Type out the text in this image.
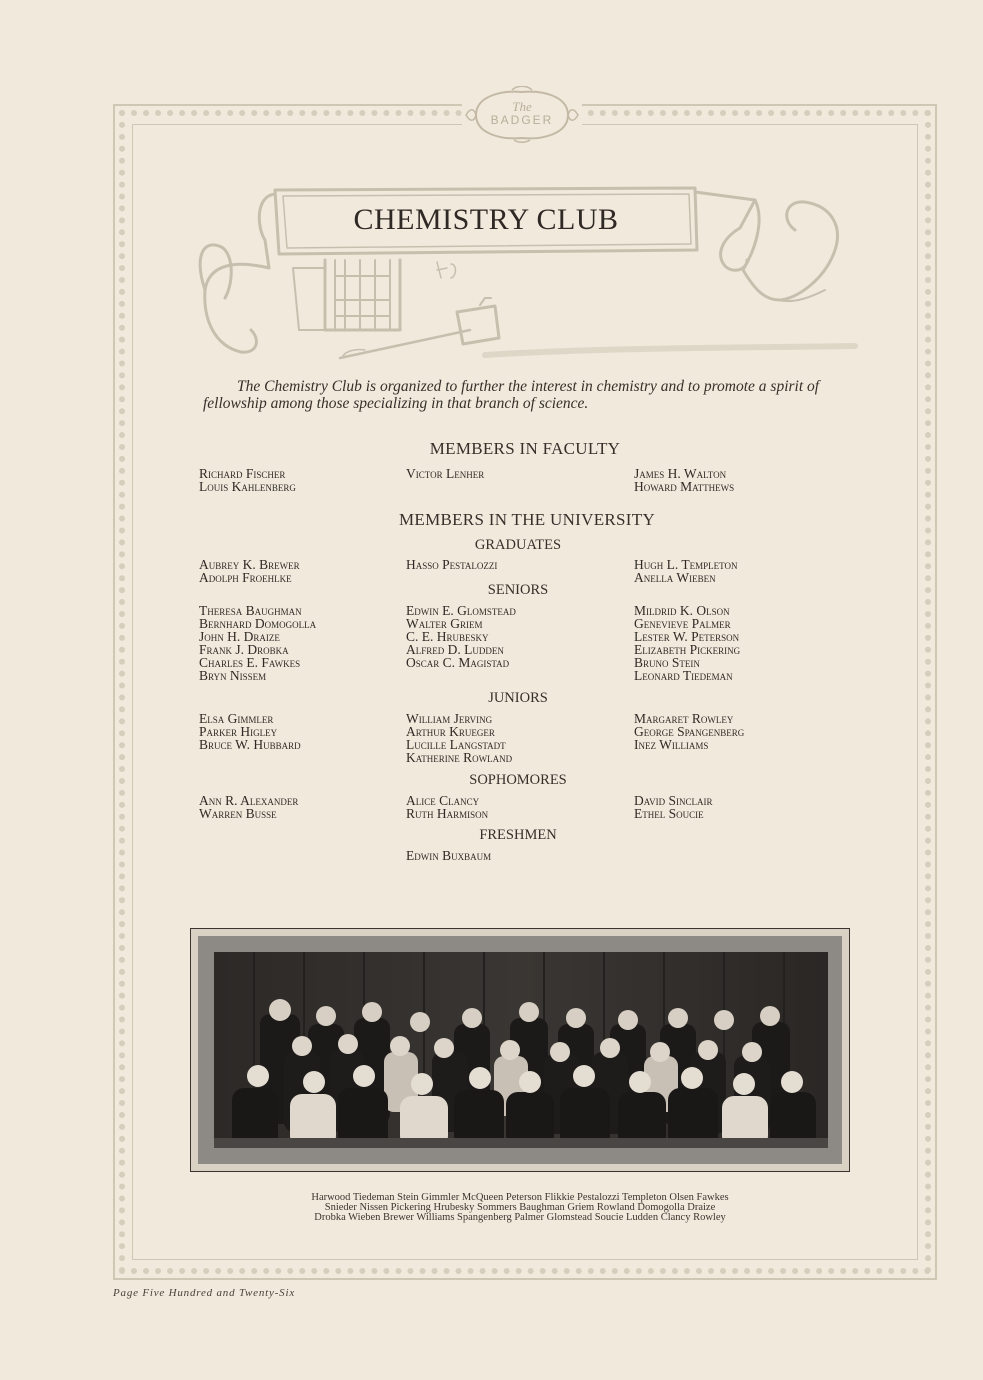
The
BADGER
CHEMISTRY CLUB

The Chemistry Club is organized to further the interest in chemistry and to promote a spirit of fellowship among those specializing in that branch of science.

MEMBERS IN FACULTY
Richard Fischer
Louis Kahlenberg
Victor Lenher	James H. Walton
Howard Matthews
MEMBERS IN THE UNIVERSITY
GRADUATES
Aubrey K. Brewer
Adolph Froehlke
Hasso Pestalozzi	Hugh L. Templeton
Anella Wieben
SENIORS
Theresa Baughman
Bernhard Domogolla
John H. Draize
Frank J. Drobka
Charles E. Fawkes
Bryn Nissem
Edwin E. Glomstead
Walter Griem
C. E. Hrubesky
Alfred D. Ludden
Oscar C. Magistad
Mildrid K. Olson
Genevieve Palmer
Lester W. Peterson
Elizabeth Pickering
Bruno Stein
Leonard Tiedeman
JUNIORS
Elsa Gimmler
Parker Higley
Bruce W. Hubbard
William Jerving
Arthur Krueger
Lucille Langstadt
Katherine Rowland
Margaret Rowley
George Spangenberg
Inez Williams
SOPHOMORES
Ann R. Alexander
Warren Busse
Alice Clancy
Ruth Harmison
David Sinclair
Ethel Soucie
FRESHMEN
Edwin Buxbaum
Harwood Tiedeman Stein Gimmler McQueen Peterson Flikkie Pestalozzi Templeton Olsen Fawkes
Snieder Nissen Pickering Hrubesky Sommers Baughman Griem Rowland Domogolla Draize
Drobka Wieben Brewer Williams Spangenberg Palmer Glomstead Soucie Ludden Clancy Rowley
Page Five Hundred and Twenty-Six
